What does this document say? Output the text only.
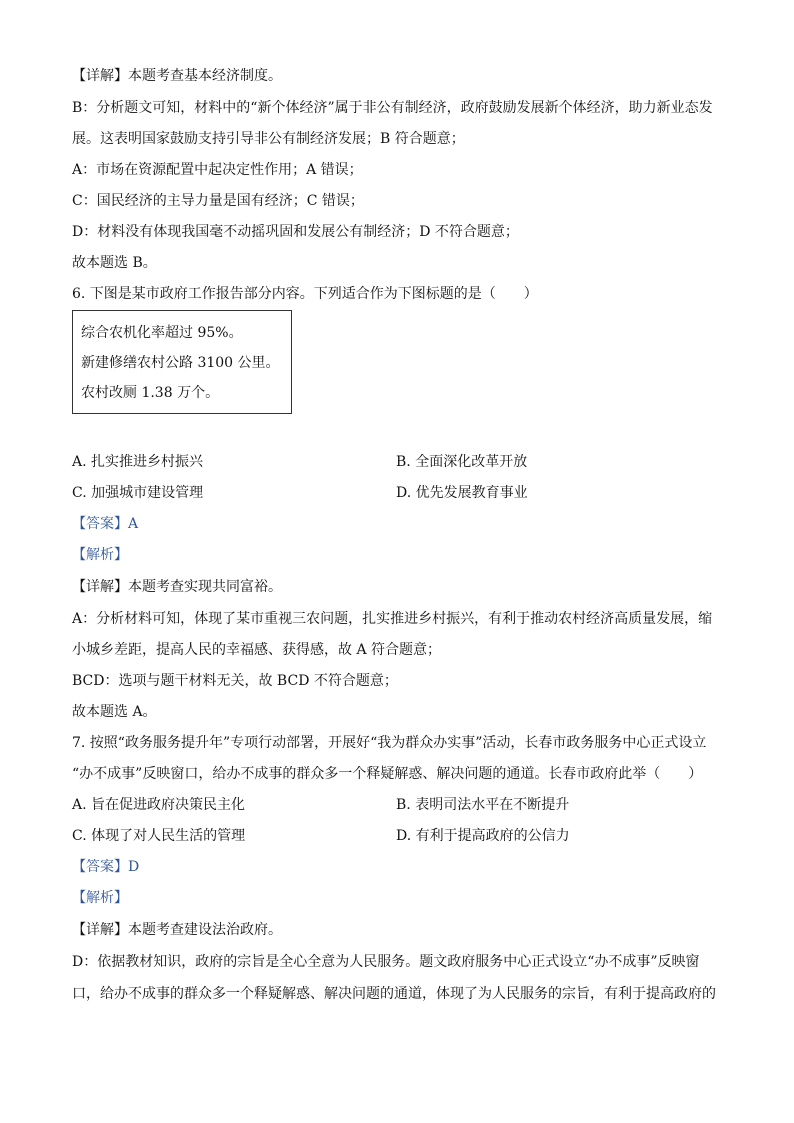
【详解】本题考查基本经济制度。
B：分析题文可知，材料中的“新个体经济”属于非公有制经济，政府鼓励发展新个体经济，助力新业态发
展。这表明国家鼓励支持引导非公有制经济发展；B 符合题意；
A：市场在资源配置中起决定性作用；A 错误；
C：国民经济的主导力量是国有经济；C 错误；
D：材料没有体现我国毫不动摇巩固和发展公有制经济；D 不符合题意；
故本题选 B。
6. 下图是某市政府工作报告部分内容。下列适合作为下图标题的是（　　）
综合农机化率超过 95%。
新建修缮农村公路 3100 公里。
农村改厕 1.38 万个。
A. 扎实推进乡村振兴	B. 全面深化改革开放
C. 加强城市建设管理	D. 优先发展教育事业
【答案】A
【解析】
【详解】本题考查实现共同富裕。
A：分析材料可知，体现了某市重视三农问题，扎实推进乡村振兴，有利于推动农村经济高质量发展，缩
小城乡差距，提高人民的幸福感、获得感，故 A 符合题意；
BCD：选项与题干材料无关，故 BCD 不符合题意；
故本题选 A。
7. 按照“政务服务提升年”专项行动部署，开展好“我为群众办实事”活动，长春市政务服务中心正式设立
“办不成事”反映窗口，给办不成事的群众多一个释疑解惑、解决问题的通道。长春市政府此举（　　）
A. 旨在促进政府决策民主化	B. 表明司法水平在不断提升
C. 体现了对人民生活的管理	D. 有利于提高政府的公信力
【答案】D
【解析】
【详解】本题考查建设法治政府。
D：依据教材知识，政府的宗旨是全心全意为人民服务。题文政府服务中心正式设立“办不成事”反映窗
口，给办不成事的群众多一个释疑解惑、解决问题的通道，体现了为人民服务的宗旨，有利于提高政府的
